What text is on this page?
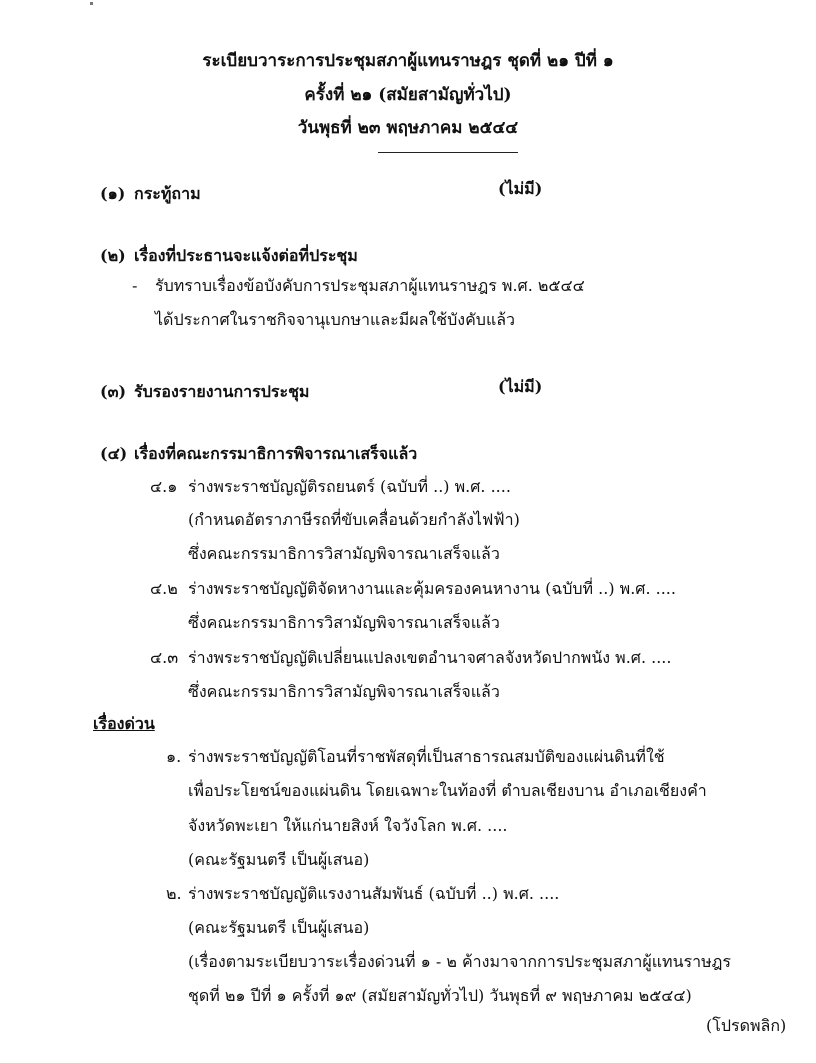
ระเบียบวาระการประชุมสภาผู้แทนราษฎร ชุดที่ ๒๑ ปีที่ ๑
ครั้งที่ ๒๑ (สมัยสามัญทั่วไป)
วันพุธที่ ๒๓ พฤษภาคม ๒๕๔๔
(๑) กระทู้ถาม	(ไม่มี)
(๒) เรื่องที่ประธานจะแจ้งต่อที่ประชุม
- รับทราบเรื่องข้อบังคับการประชุมสภาผู้แทนราษฎร พ.ศ. ๒๕๔๔
ได้ประกาศในราชกิจจานุเบกษาและมีผลใช้บังคับแล้ว
(๓) รับรองรายงานการประชุม	(ไม่มี)
(๔) เรื่องที่คณะกรรมาธิการพิจารณาเสร็จแล้ว
๔.๑ ร่างพระราชบัญญัติรถยนตร์ (ฉบับที่ ..) พ.ศ. ....
(กำหนดอัตราภาษีรถที่ขับเคลื่อนด้วยกำลังไฟฟ้า)
ซึ่งคณะกรรมาธิการวิสามัญพิจารณาเสร็จแล้ว
๔.๒ ร่างพระราชบัญญัติจัดหางานและคุ้มครองคนหางาน (ฉบับที่ ..) พ.ศ. ....
ซึ่งคณะกรรมาธิการวิสามัญพิจารณาเสร็จแล้ว
๔.๓ ร่างพระราชบัญญัติเปลี่ยนแปลงเขตอำนาจศาลจังหวัดปากพนัง พ.ศ. ....
ซึ่งคณะกรรมาธิการวิสามัญพิจารณาเสร็จแล้ว
เรื่องด่วน
๑. ร่างพระราชบัญญัติโอนที่ราชพัสดุที่เป็นสาธารณสมบัติของแผ่นดินที่ใช้
เพื่อประโยชน์ของแผ่นดิน โดยเฉพาะในท้องที่ ตำบลเชียงบาน อำเภอเชียงคำ
จังหวัดพะเยา ให้แก่นายสิงห์ ใจวังโลก พ.ศ. ....
(คณะรัฐมนตรี เป็นผู้เสนอ)
๒. ร่างพระราชบัญญัติแรงงานสัมพันธ์ (ฉบับที่ ..) พ.ศ. ....
(คณะรัฐมนตรี เป็นผู้เสนอ)
(เรื่องตามระเบียบวาระเรื่องด่วนที่ ๑ - ๒ ค้างมาจากการประชุมสภาผู้แทนราษฎร
ชุดที่ ๒๑ ปีที่ ๑ ครั้งที่ ๑๙ (สมัยสามัญทั่วไป) วันพุธที่ ๙ พฤษภาคม ๒๕๔๔)
(โปรดพลิก)
